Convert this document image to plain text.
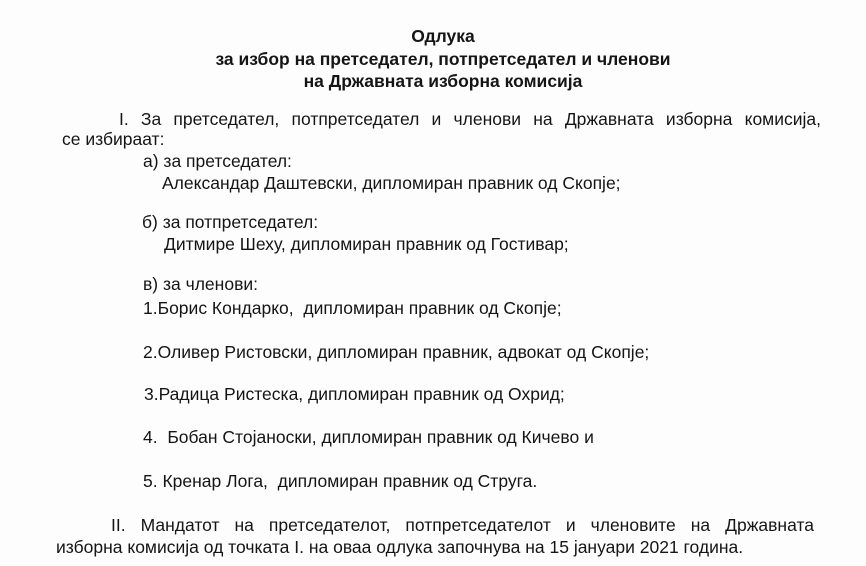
Одлука

за избор на претседател, потпретседател и членови

на Државната изборна комисија

I. За претседател, потпретседател и членови на Државната изборна комисија,

се избираат:

а) за претседател:

Александар Даштевски, дипломиран правник од Скопје;

б) за потпретседател:

Дитмире Шеху, дипломиран правник од Гостивар;

в) за членови:

1.Борис Кондарко,  дипломиран правник од Скопје;

2.Оливер Ристовски, дипломиран правник, адвокат од Скопје;

3.Радица Ристеска, дипломиран правник од Охрид;

4.  Бобан Стојаноски, дипломиран правник од Кичево и

5. Кренар Лога,  дипломиран правник од Струга.

II. Мандатот на претседателот, потпретседателот и членовите на Државната

изборна комисија од точката I. на оваа одлука започнува на 15 јануари 2021 година.
